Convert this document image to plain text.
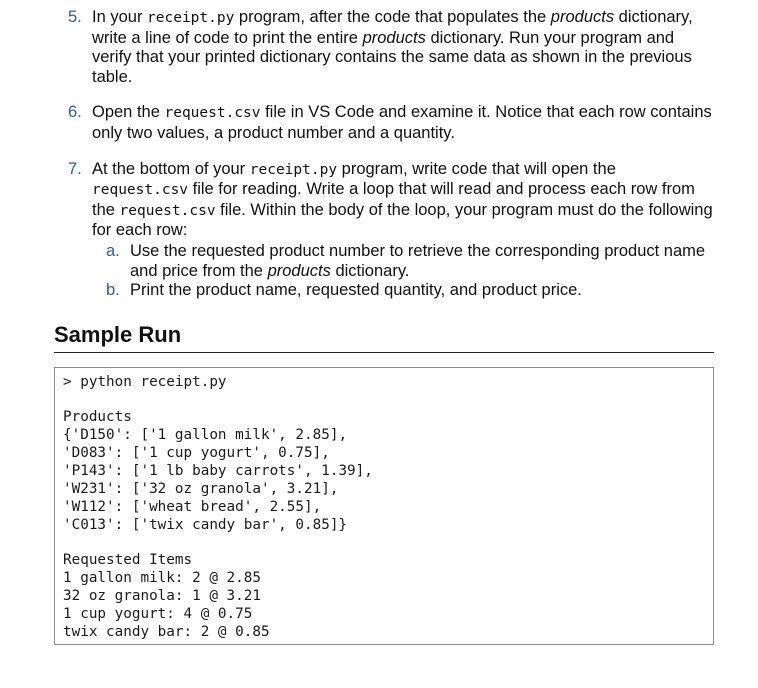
5. In your receipt.py program, after the code that populates the products dictionary, write a line of code to print the entire products dictionary. Run your program and verify that your printed dictionary contains the same data as shown in the previous table.
6. Open the request.csv file in VS Code and examine it. Notice that each row contains only two values, a product number and a quantity.
7. At the bottom of your receipt.py program, write code that will open the request.csv file for reading. Write a loop that will read and process each row from the request.csv file. Within the body of the loop, your program must do the following for each row:
a. Use the requested product number to retrieve the corresponding product name and price from the products dictionary.
b. Print the product name, requested quantity, and product price.
Sample Run
> python receipt.py
Products
{'D150': ['1 gallon milk', 2.85],
'D083': ['1 cup yogurt', 0.75],
'P143': ['1 lb baby carrots', 1.39],
'W231': ['32 oz granola', 3.21],
'W112': ['wheat bread', 2.55],
'C013': ['twix candy bar', 0.85]}
Requested Items
1 gallon milk: 2 @ 2.85
32 oz granola: 1 @ 3.21
1 cup yogurt: 4 @ 0.75
twix candy bar: 2 @ 0.85
